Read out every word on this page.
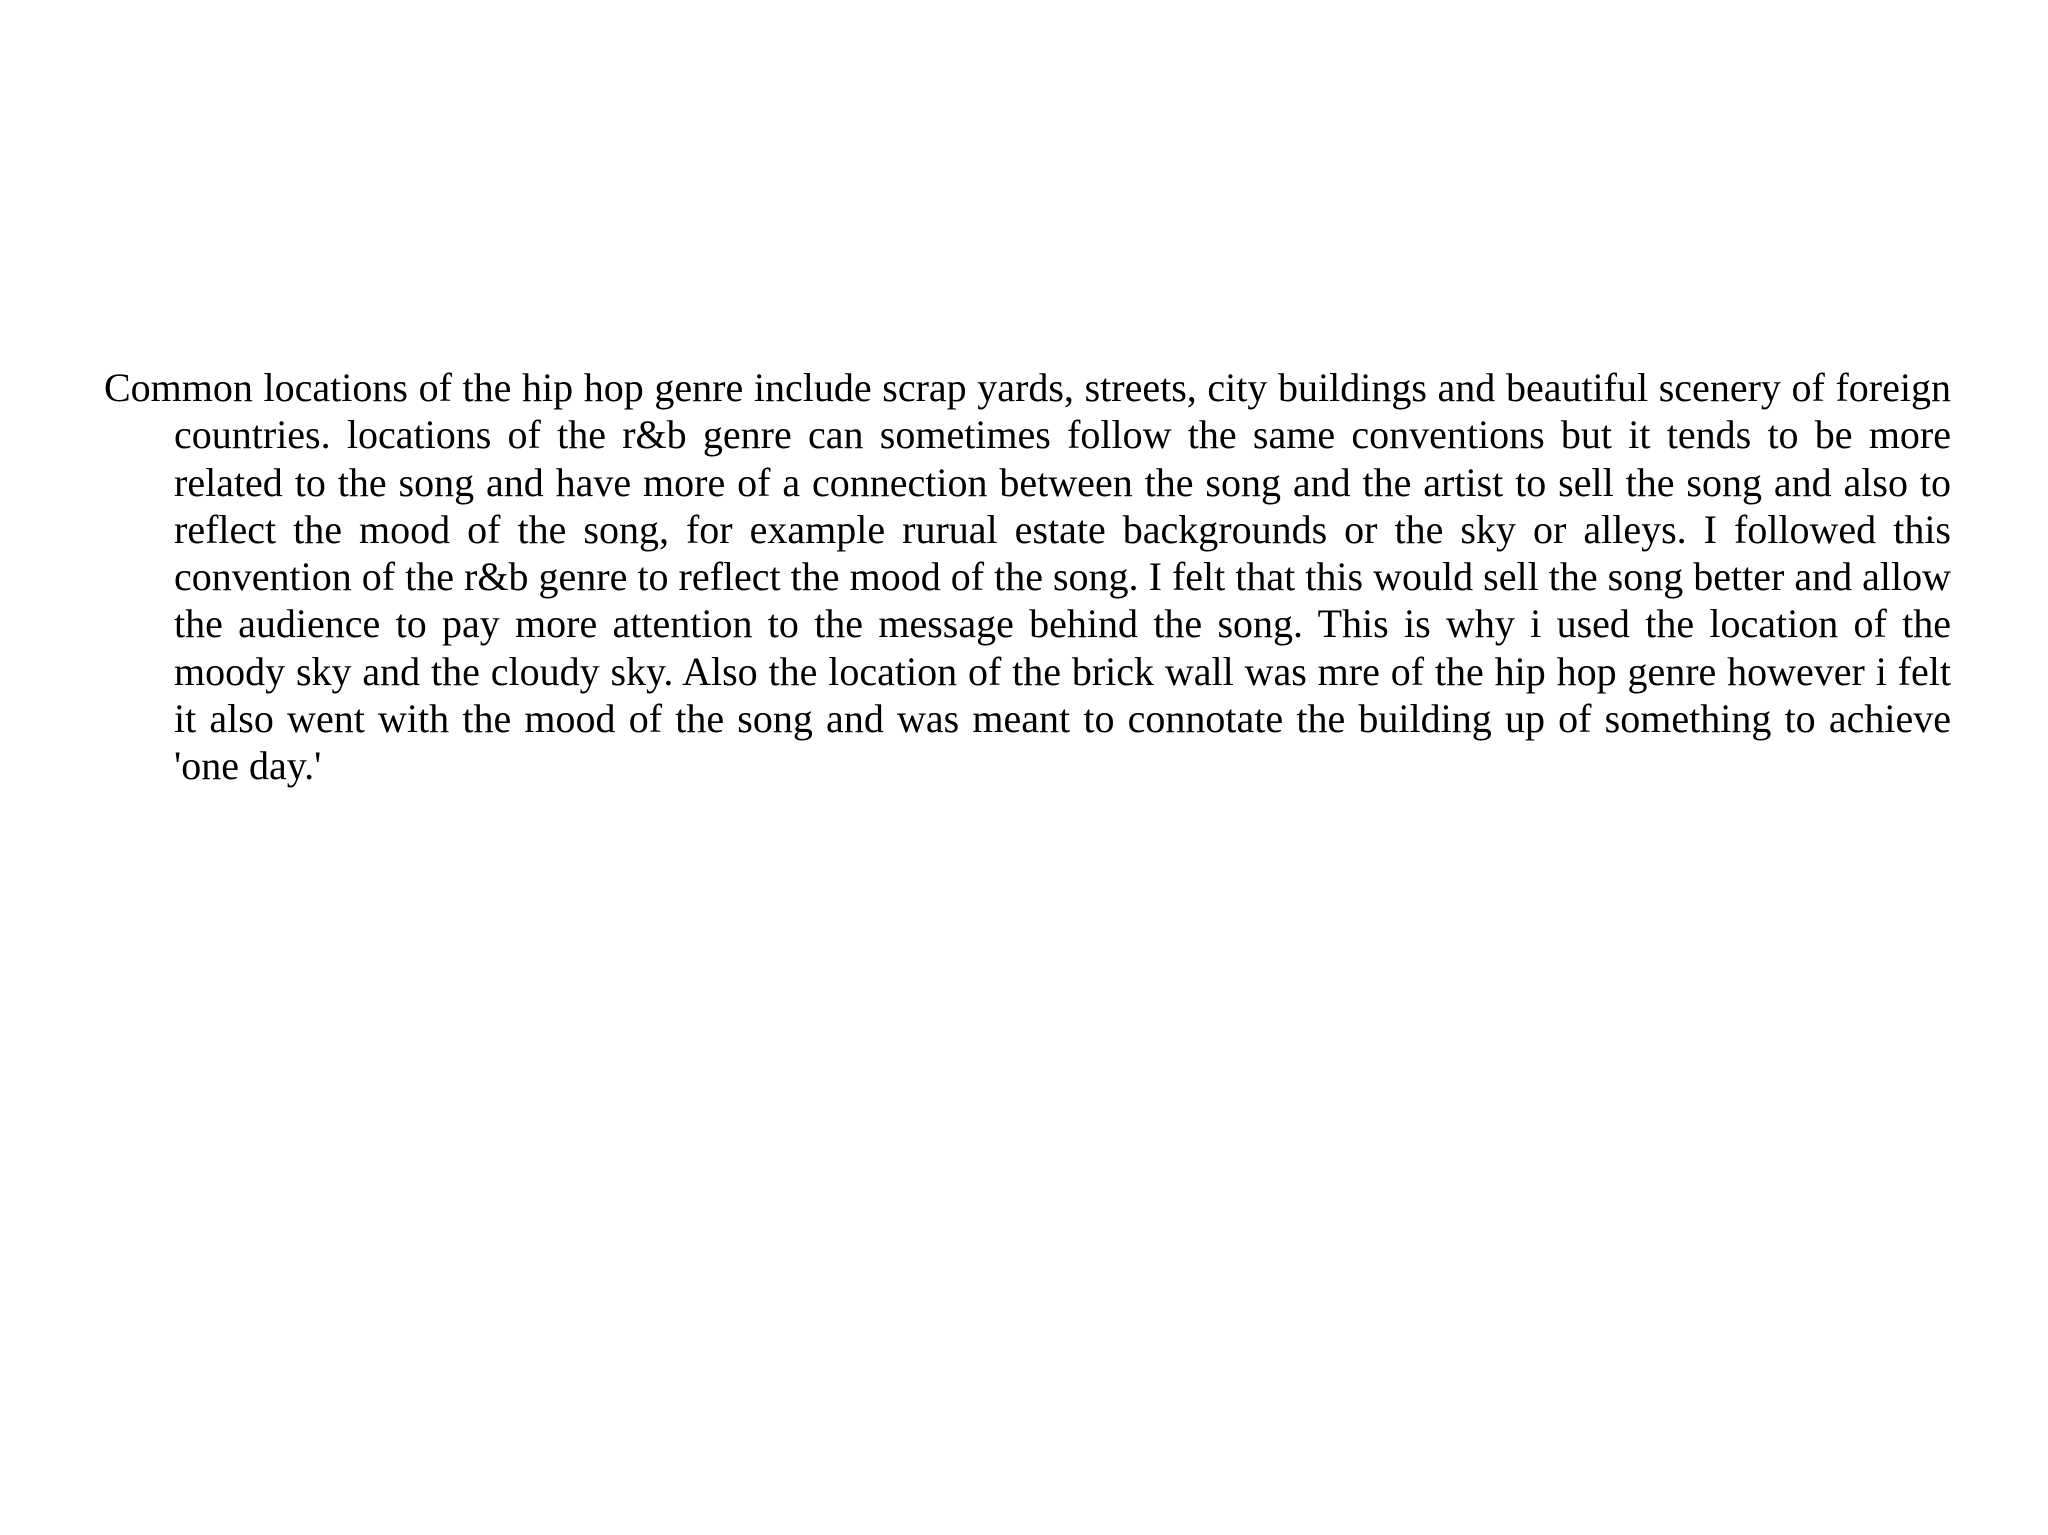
Common locations of the hip hop genre include scrap yards, streets, city buildings and beautiful scenery of foreign countries. locations of the r&b genre can sometimes follow the same conventions but it tends to be more related to the song and have more of a connection between the song and the artist to sell the song and also to reflect the mood of the song, for example rurual estate backgrounds or the sky or alleys. I followed this convention of the r&b genre to reflect the mood of the song. I felt that this would sell the song better and allow the audience to pay more attention to the message behind the song. This is why i used the location of the moody sky and the cloudy sky. Also the location of the brick wall was mre of the hip hop genre however i felt it also went with the mood of the song and was meant to connotate the building up of something to achieve 'one day.'
